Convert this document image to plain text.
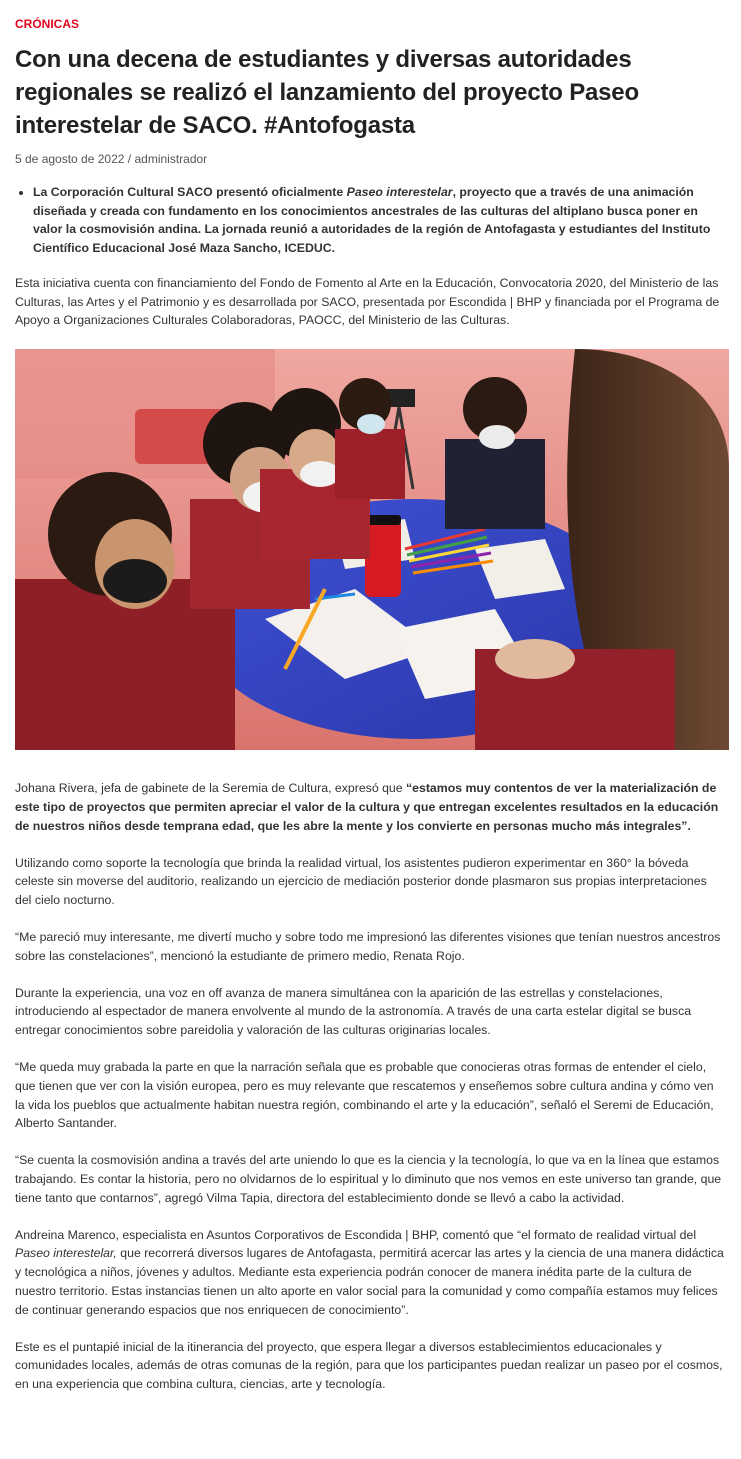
CRÓNICAS
Con una decena de estudiantes y diversas autoridades regionales se realizó el lanzamiento del proyecto Paseo interestelar de SACO. #Antofogasta
5 de agosto de 2022 / administrador
• La Corporación Cultural SACO presentó oficialmente Paseo interestelar, proyecto que a través de una animación diseñada y creada con fundamento en los conocimientos ancestrales de las culturas del altiplano busca poner en valor la cosmovisión andina. La jornada reunió a autoridades de la región de Antofagasta y estudiantes del Instituto Científico Educacional José Maza Sancho, ICEDUC.

Esta iniciativa cuenta con financiamiento del Fondo de Fomento al Arte en la Educación, Convocatoria 2020, del Ministerio de las Culturas, las Artes y el Patrimonio y es desarrollada por SACO, presentada por Escondida | BHP y financiada por el Programa de Apoyo a Organizaciones Culturales Colaboradoras, PAOCC, del Ministerio de las Culturas.

Johana Rivera, jefa de gabinete de la Seremia de Cultura, expresó que “estamos muy contentos de ver la materialización de este tipo de proyectos que permiten apreciar el valor de la cultura y que entregan excelentes resultados en la educación de nuestros niños desde temprana edad, que les abre la mente y los convierte en personas mucho más integrales”.

Utilizando como soporte la tecnología que brinda la realidad virtual, los asistentes pudieron experimentar en 360° la bóveda celeste sin moverse del auditorio, realizando un ejercicio de mediación posterior donde plasmaron sus propias interpretaciones del cielo nocturno.

“Me pareció muy interesante, me divertí mucho y sobre todo me impresionó las diferentes visiones que tenían nuestros ancestros sobre las constelaciones”, mencionó la estudiante de primero medio, Renata Rojo.

Durante la experiencia, una voz en off avanza de manera simultánea con la aparición de las estrellas y constelaciones, introduciendo al espectador de manera envolvente al mundo de la astronomía. A través de una carta estelar digital se busca entregar conocimientos sobre pareidolia y valoración de las culturas originarias locales.

“Me queda muy grabada la parte en que la narración señala que es probable que conocieras otras formas de entender el cielo, que tienen que ver con la visión europea, pero es muy relevante que rescatemos y enseñemos sobre cultura andina y cómo ven la vida los pueblos que actualmente habitan nuestra región, combinando el arte y la educación”, señaló el Seremi de Educación, Alberto Santander.

“Se cuenta la cosmovisión andina a través del arte uniendo lo que es la ciencia y la tecnología, lo que va en la línea que estamos trabajando. Es contar la historia, pero no olvidarnos de lo espiritual y lo diminuto que nos vemos en este universo tan grande, que tiene tanto que contarnos”, agregó Vilma Tapia, directora del establecimiento donde se llevó a cabo la actividad.

Andreina Marenco, especialista en Asuntos Corporativos de Escondida | BHP, comentó que “el formato de realidad virtual del Paseo interestelar, que recorrerá diversos lugares de Antofagasta, permitirá acercar las artes y la ciencia de una manera didáctica y tecnológica a niños, jóvenes y adultos. Mediante esta experiencia podrán conocer de manera inédita parte de la cultura de nuestro territorio. Estas instancias tienen un alto aporte en valor social para la comunidad y como compañía estamos muy felices de continuar generando espacios que nos enriquecen de conocimiento”.

Este es el puntapié inicial de la itinerancia del proyecto, que espera llegar a diversos establecimientos educacionales y comunidades locales, además de otras comunas de la región, para que los participantes puedan realizar un paseo por el cosmos, en una experiencia que combina cultura, ciencias, arte y tecnología.
